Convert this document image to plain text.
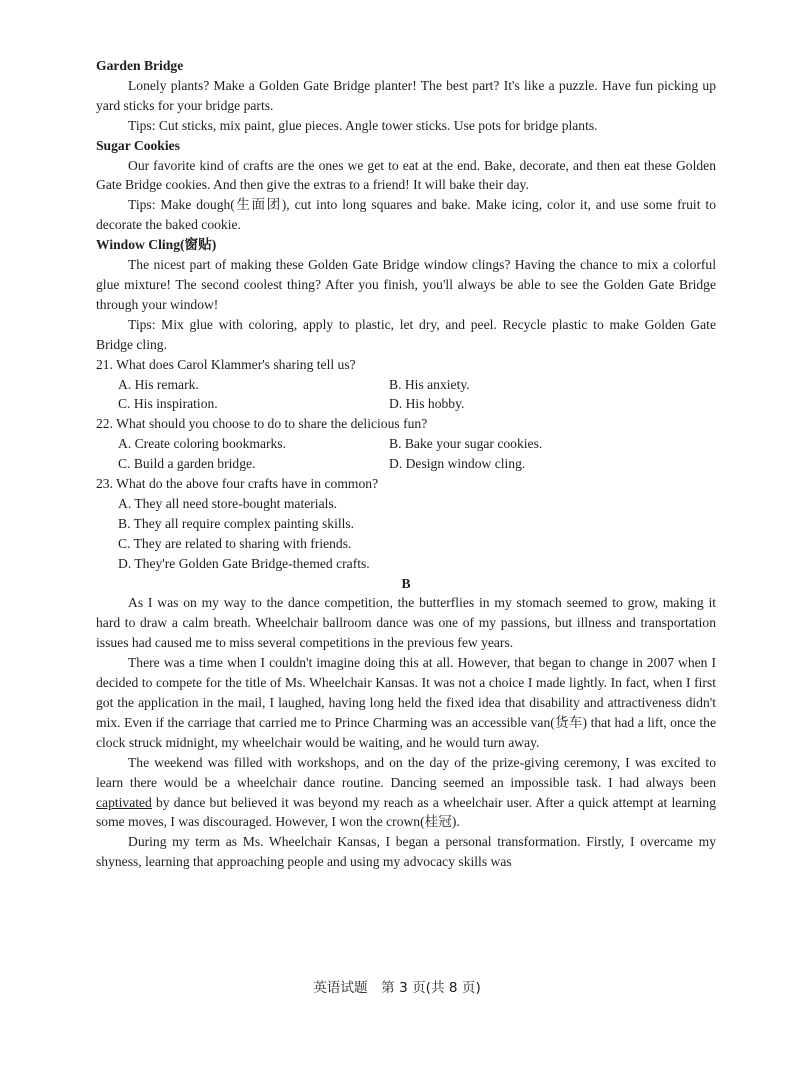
Garden Bridge

Lonely plants? Make a Golden Gate Bridge planter! The best part? It's like a puzzle. Have fun picking up yard sticks for your bridge parts.

Tips: Cut sticks, mix paint, glue pieces. Angle tower sticks. Use pots for bridge plants.

Sugar Cookies

Our favorite kind of crafts are the ones we get to eat at the end. Bake, decorate, and then eat these Golden Gate Bridge cookies. And then give the extras to a friend! It will bake their day.

Tips: Make dough(生面团), cut into long squares and bake. Make icing, color it, and use some fruit to decorate the baked cookie.

Window Cling(窗贴)

The nicest part of making these Golden Gate Bridge window clings? Having the chance to mix a colorful glue mixture! The second coolest thing? After you finish, you'll always be able to see the Golden Gate Bridge through your window!

Tips: Mix glue with coloring, apply to plastic, let dry, and peel. Recycle plastic to make Golden Gate Bridge cling.

21. What does Carol Klammer's sharing tell us?

A. His remark.	B. His anxiety.
C. His inspiration.	D. His hobby.

22. What should you choose to do to share the delicious fun?

A. Create coloring bookmarks.	B. Bake your sugar cookies.
C. Build a garden bridge.	D. Design window cling.

23. What do the above four crafts have in common?

A. They all need store-bought materials.

B. They all require complex painting skills.

C. They are related to sharing with friends.

D. They're Golden Gate Bridge-themed crafts.

B

As I was on my way to the dance competition, the butterflies in my stomach seemed to grow, making it hard to draw a calm breath. Wheelchair ballroom dance was one of my passions, but illness and transportation issues had caused me to miss several competitions in the previous few years.

There was a time when I couldn't imagine doing this at all. However, that began to change in 2007 when I decided to compete for the title of Ms. Wheelchair Kansas. It was not a choice I made lightly. In fact, when I first got the application in the mail, I laughed, having long held the fixed idea that disability and attractiveness didn't mix. Even if the carriage that carried me to Prince Charming was an accessible van(货车) that had a lift, once the clock struck midnight, my wheelchair would be waiting, and he would turn away.

The weekend was filled with workshops, and on the day of the prize-giving ceremony, I was excited to learn there would be a wheelchair dance routine. Dancing seemed an impossible task. I had always been captivated by dance but believed it was beyond my reach as a wheelchair user. After a quick attempt at learning some moves, I was discouraged. However, I won the crown(桂冠).

During my term as Ms. Wheelchair Kansas, I began a personal transformation. Firstly, I overcame my shyness, learning that approaching people and using my advocacy skills was

英语试题　第 3 页(共 8 页)
